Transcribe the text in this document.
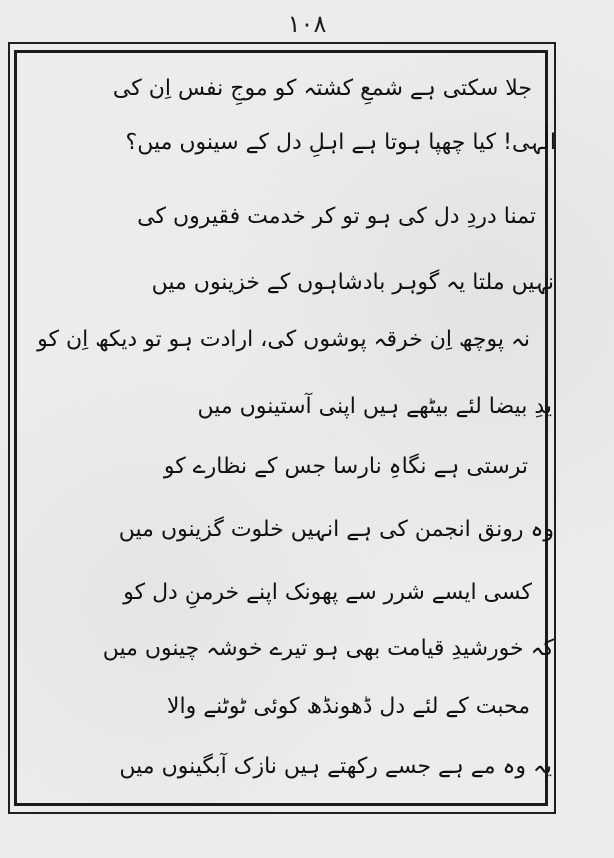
۱۰۸
جلا سکتی ہے شمعِ کشتہ کو موجِ نفس اِن کی
الٰہی! کیا چھپا ہوتا ہے اہلِ دل کے سینوں میں؟
تمنا دردِ دل کی ہو تو کر خدمت فقیروں کی
نہیں ملتا یہ گوہر بادشاہوں کے خزینوں میں
نہ پوچھ اِن خرقہ پوشوں کی، ارادت ہو تو دیکھ اِن کو
یدِ بیضا لئے بیٹھے ہیں اپنی آستینوں میں
ترستی ہے نگاہِ نارسا جس کے نظارے کو
وہ رونق انجمن کی ہے انہیں خلوت گزینوں میں
کسی ایسے شرر سے پھونک اپنے خرمنِ دل کو
کہ خورشیدِ قیامت بھی ہو تیرے خوشہ چینوں میں
محبت کے لئے دل ڈھونڈھ کوئی ٹوٹنے والا
یہ وہ مے ہے جسے رکھتے ہیں نازک آبگینوں میں
